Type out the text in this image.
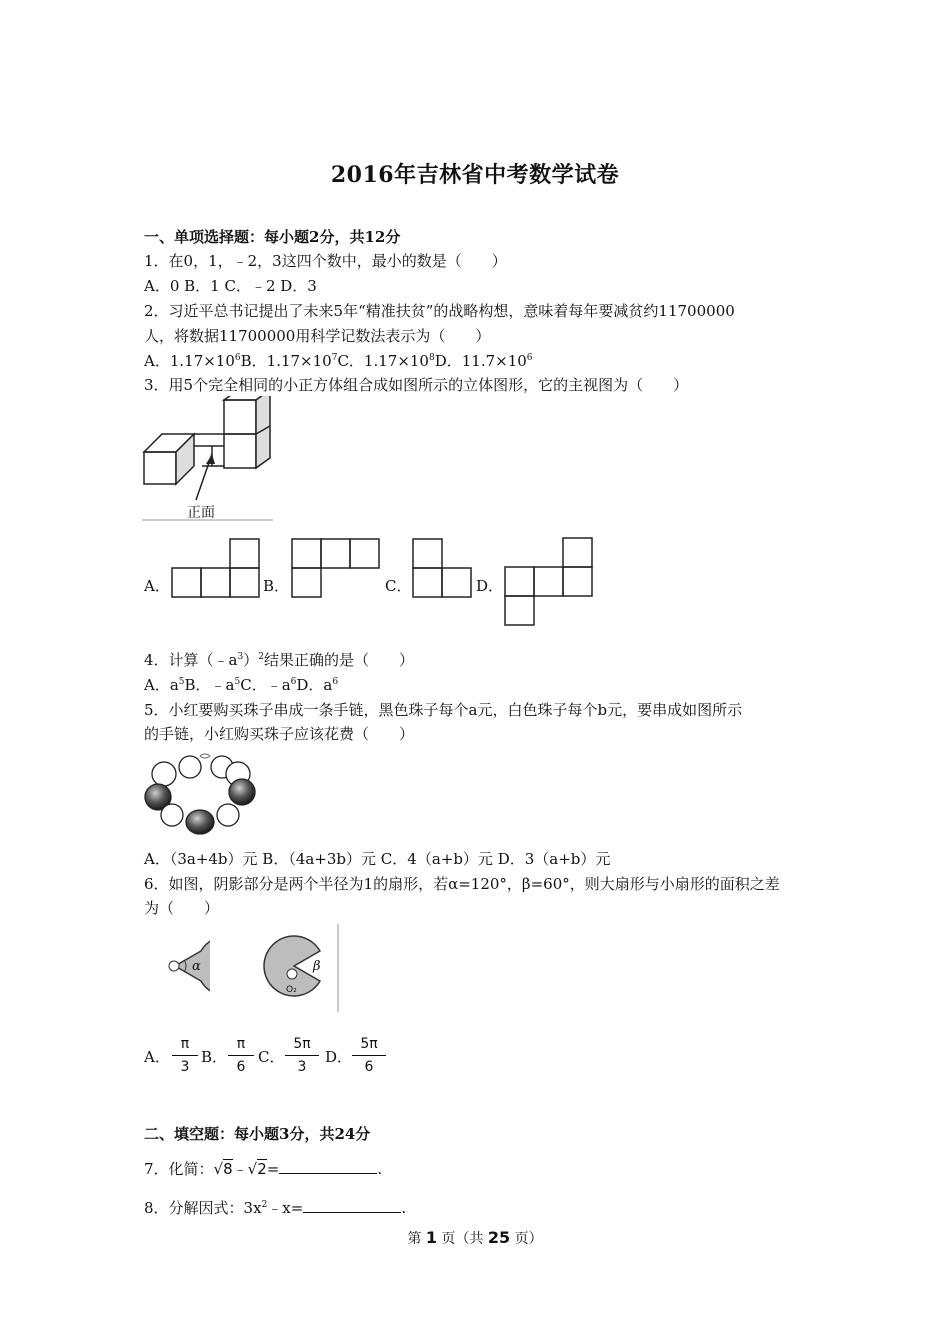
2016年吉林省中考数学试卷
一、单项选择题：每小题2分，共12分
1．在0，1，﹣2，3这四个数中，最小的数是（　　）
A．0 B．1 C．﹣2 D．3
2．习近平总书记提出了未来5年“精准扶贫”的战略构想，意味着每年要减贫约11700000
人，将数据11700000用科学记数法表示为（　　）
A．$1.17\times 10^6B$．$1.17\times 10^7C$．$1.17\times 10^8D$．$11.7\times 10^6$
3．用5个完全相同的小正方体组合成如图所示的立体图形，它的主视图为（　　）
正面
A．	B．	C．	D．
4．计算$(﹣a^3)^2$结果正确的是（　　）
A．$a^5B$．$﹣a^5C$．$﹣a^6D$．$a^6$
5．小红要购买珠子串成一条手链，黑色珠子每个a元，白色珠子每个b元，要串成如图所示
的手链，小红购买珠子应该花费（　　）
A．（3a+4b）元 B．（4a+3b）元 C．4（a+b）元 D．3（a+b）元
6．如图，阴影部分是两个半径为1的扇形，若α=120°，β=60°，则大扇形与小扇形的面积之差
为（　　）
α
O₂
β
A．
π
3
B．
π
6
C．
5π
3
D．
5π
6
二、填空题：每小题3分，共24分
7．化简：√8﹣√2=	.
8．分解因式：$3x^2﹣x=$	.
第 1 页（共 25 页）
